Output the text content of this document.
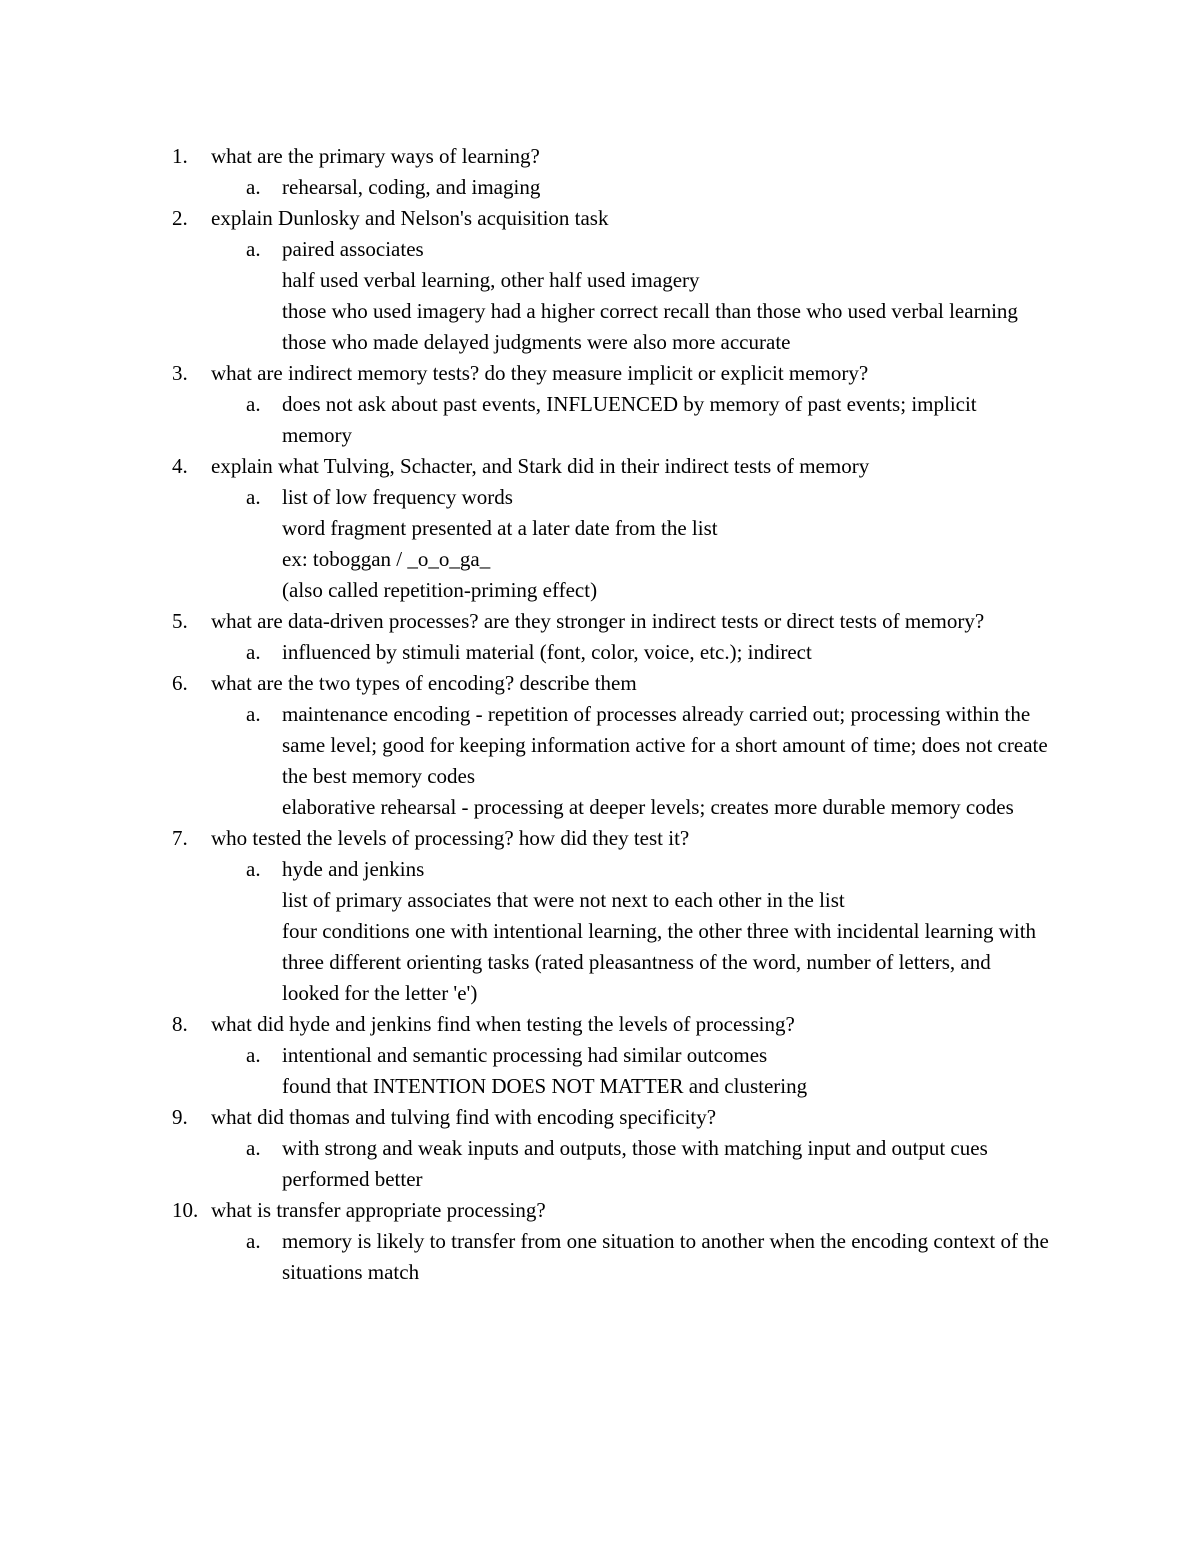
1.	what are the primary ways of learning?
a. rehearsal, coding, and imaging
2.	explain Dunlosky and Nelson's acquisition task
a. paired associates
half used verbal learning, other half used imagery
those who used imagery had a higher correct recall than those who used verbal learning
those who made delayed judgments were also more accurate
3.	what are indirect memory tests? do they measure implicit or explicit memory?
a. does not ask about past events, INFLUENCED by memory of past events; implicit memory
4.	explain what Tulving, Schacter, and Stark did in their indirect tests of memory
a. list of low frequency words
word fragment presented at a later date from the list
ex: toboggan / _o_o_ga_
(also called repetition-priming effect)
5.	what are data-driven processes? are they stronger in indirect tests or direct tests of memory?
a. influenced by stimuli material (font, color, voice, etc.); indirect
6.	what are the two types of encoding? describe them
a. maintenance encoding - repetition of processes already carried out; processing within the same level; good for keeping information active for a short amount of time; does not create the best memory codes
elaborative rehearsal - processing at deeper levels; creates more durable memory codes
7.	who tested the levels of processing? how did they test it?
a. hyde and jenkins
list of primary associates that were not next to each other in the list
four conditions one with intentional learning, the other three with incidental learning with three different orienting tasks (rated pleasantness of the word, number of letters, and looked for the letter 'e')
8.	what did hyde and jenkins find when testing the levels of processing?
a. intentional and semantic processing had similar outcomes
found that INTENTION DOES NOT MATTER and clustering
9.	what did thomas and tulving find with encoding specificity?
a. with strong and weak inputs and outputs, those with matching input and output cues performed better
10. what is transfer appropriate processing?
a. memory is likely to transfer from one situation to another when the encoding context of the situations match
